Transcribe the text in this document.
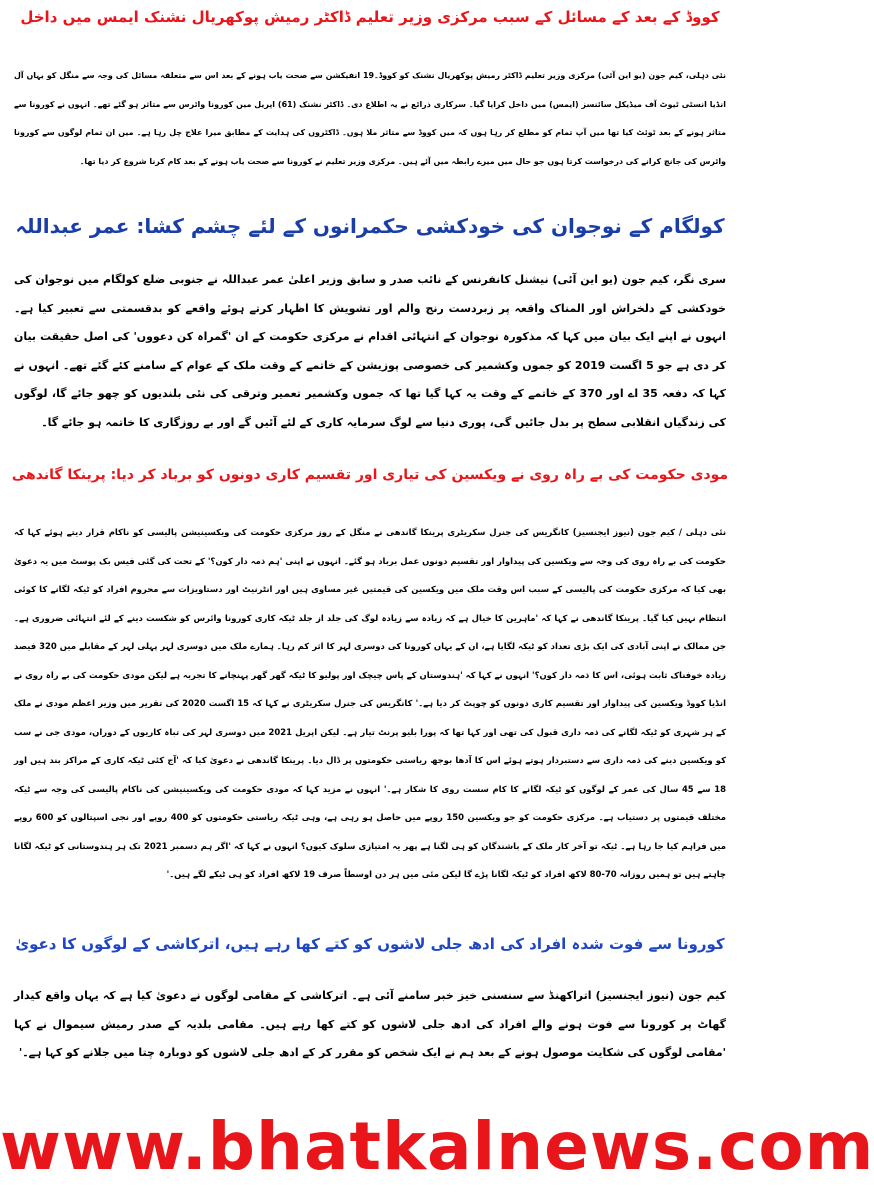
کووڈ کے بعد کے مسائل کے سبب مرکزی وزیر تعلیم ڈاکٹر رمیش پوکھریال نشنک ایمس میں داخل
نئی دہلی، کیم جون (یو این آئی) مرکزی وزیر تعلیم ڈاکٹر رمیش پوکھریال نشنک کو کووڈ۔19 انفیکشن سے صحت یاب ہونے کے بعد اس سے متعلقہ مسائل کی وجہ سے منگل کو یہاں آل انڈیا انسٹی ٹیوٹ آف میڈیکل سائنسز (ایمس) میں داخل کرایا گیا۔ سرکاری ذرائع نے یہ اطلاع دی۔ ڈاکٹر نشنک (61) اپریل میں کورونا وائرس سے متاثر ہو گئے تھے۔ انہوں نے کورونا سے متاثر ہونے کے بعد ٹوئٹ کیا تھا میں آپ تمام کو مطلع کر رہا ہوں کہ میں کووڈ سے متاثر ملا ہوں۔ ڈاکٹروں کی ہدایت کے مطابق میرا علاج چل رہا ہے۔ میں ان تمام لوگوں سے کورونا وائرس کی جانچ کرانے کی درخواست کرتا ہوں جو حال میں میرے رابطہ میں آئے ہیں۔ مرکزی وزیر تعلیم نے کورونا سے صحت یاب ہونے کے بعد کام کرنا شروع کر دیا تھا۔
کولگام کے نوجوان کی خودکشی حکمرانوں کے لئے چشم کشا: عمر عبداللہ
سری نگر، کیم جون (یو این آئی) نیشنل کانفرنس کے نائب صدر و سابق وزیر اعلیٰ عمر عبداللہ نے جنوبی ضلع کولگام میں نوجوان کی خودکشی کے دلخراش اور المناک واقعہ پر زبردست رنج والم اور تشویش کا اظہار کرتے ہوئے واقعے کو بدقسمتی سے تعبیر کیا ہے۔ انہوں نے اپنے ایک بیان میں کہا کہ مذکورہ نوجوان کے انتہائی اقدام نے مرکزی حکومت کے ان 'گمراہ کن دعووں' کی اصل حقیقت بیان کر دی ہے جو 5 اگست 2019 کو جموں وکشمیر کی خصوصی پوزیشن کے خاتمے کے وقت ملک کے عوام کے سامنے کئے گئے تھے۔ انہوں نے کہا کہ دفعہ 35 اے اور 370 کے خاتمے کے وقت یہ کہا گیا تھا کہ جموں وکشمیر تعمیر وترقی کی نئی بلندیوں کو چھو جائے گا، لوگوں کی زندگیاں انقلابی سطح پر بدل جائیں گی، پوری دنیا سے لوگ سرمایہ کاری کے لئے آئیں گے اور بے روزگاری کا خاتمہ ہو جائے گا۔
مودی حکومت کی بے راہ روی نے ویکسین کی تیاری اور تقسیم کاری دونوں کو برباد کر دیا: پرینکا گاندھی
نئی دہلی / کیم جون (نیوز ایجنسیز) کانگریس کی جنرل سکریٹری پرینکا گاندھی نے منگل کے روز مرکزی حکومت کی ویکسینیشن پالیسی کو ناکام قرار دیتے ہوئے کہا کہ حکومت کی بے راہ روی کی وجہ سے ویکسین کی پیداوار اور تقسیم دونوں عمل برباد ہو گئے۔ انہوں نے اپنی 'ہم ذمہ دار کون؟' کے تحت کی گئی فیس بک پوسٹ میں یہ دعویٰ بھی کیا کہ مرکزی حکومت کی پالیسی کے سبب اس وقت ملک میں ویکسین کی قیمتیں غیر مساوی ہیں اور انٹرنیٹ اور دستاویزات سے محروم افراد کو ٹیکہ لگانے کا کوئی انتظام نہیں کیا گیا۔ پرینکا گاندھی نے کہا کہ 'ماہرین کا خیال ہے کہ زیادہ سے زیادہ لوگ کی جلد از جلد ٹیکہ کاری کورونا وائرس کو شکست دینے کے لئے انتہائی ضروری ہے۔ جن ممالک نے اپنی آبادی کی ایک بڑی تعداد کو ٹیکہ لگایا ہے، ان کے یہاں کورونا کی دوسری لہر کا اثر کم رہا۔ ہمارے ملک میں دوسری لہر پہلی لہر کے مقابلے میں 320 فیصد زیادہ خوفناک ثابت ہوئی، اس کا ذمہ دار کون؟' انہوں نے کہا کہ 'ہندوستان کے پاس چیچک اور پولیو کا ٹیکہ گھر گھر پہنچانے کا تجربہ ہے لیکن مودی حکومت کی بے راہ روی نے انڈیا کووڈ ویکسین کی پیداوار اور تقسیم کاری دونوں کو چوپٹ کر دیا ہے۔' کانگریس کی جنرل سکریٹری نے کہا کہ 15 اگست 2020 کی تقریر میں وزیر اعظم مودی نے ملک کے ہر شہری کو ٹیکہ لگانے کی ذمہ داری قبول کی تھی اور کہا تھا کہ پورا بلیو پرنٹ تیار ہے۔ لیکن اپریل 2021 میں دوسری لہر کی تباہ کاریوں کے دوران، مودی جی نے سب کو ویکسین دینے کی ذمہ داری سے دستبردار ہوتے ہوئے اس کا آدھا بوجھ ریاستی حکومتوں پر ڈال دیا۔ پرینکا گاندھی نے دعویٰ کیا کہ 'آج کئی ٹیکہ کاری کے مراکز بند ہیں اور 18 سے 45 سال کی عمر کے لوگوں کو ٹیکہ لگانے کا کام سست روی کا شکار ہے۔' انہوں نے مزید کہا کہ مودی حکومت کی ویکسینیشن کی ناکام پالیسی کی وجہ سے ٹیکہ مختلف قیمتوں پر دستیاب ہے۔ مرکزی حکومت کو جو ویکسین 150 روپے میں حاصل ہو رہی ہے، وہی ٹیکہ ریاستی حکومتوں کو 400 روپے اور نجی اسپتالوں کو 600 روپے میں فراہم کیا جا رہا ہے۔ ٹیکہ تو آخر کار ملک کے باشندگان کو ہی لگنا ہے پھر یہ امتیازی سلوک کیوں؟ انہوں نے کہا کہ 'اگر ہم دسمبر 2021 تک ہر ہندوستانی کو ٹیکہ لگانا چاہتے ہیں تو ہمیں روزانہ 70-80 لاکھ افراد کو ٹیکہ لگانا پڑے گا لیکن مئی میں ہر دن اوسطاً صرف 19 لاکھ افراد کو ہی ٹیکے لگے ہیں۔'
کورونا سے فوت شدہ افراد کی ادھ جلی لاشوں کو کتے کھا رہے ہیں، اترکاشی کے لوگوں کا دعویٰ
کیم جون (نیوز ایجنسیز) اتراکھنڈ سے سنسنی خیز خبر سامنے آئی ہے۔ اترکاشی کے مقامی لوگوں نے دعویٰ کیا ہے کہ یہاں واقع کیدار گھاٹ پر کورونا سے فوت ہونے والے افراد کی ادھ جلی لاشوں کو کتے کھا رہے ہیں۔ مقامی بلدیہ کے صدر رمیش سیموال نے کہا 'مقامی لوگوں کی شکایت موصول ہونے کے بعد ہم نے ایک شخص کو مقرر کر کے ادھ جلی لاشوں کو دوبارہ چتا میں جلانے کو کہا ہے۔'
www.bhatkalnews.com
